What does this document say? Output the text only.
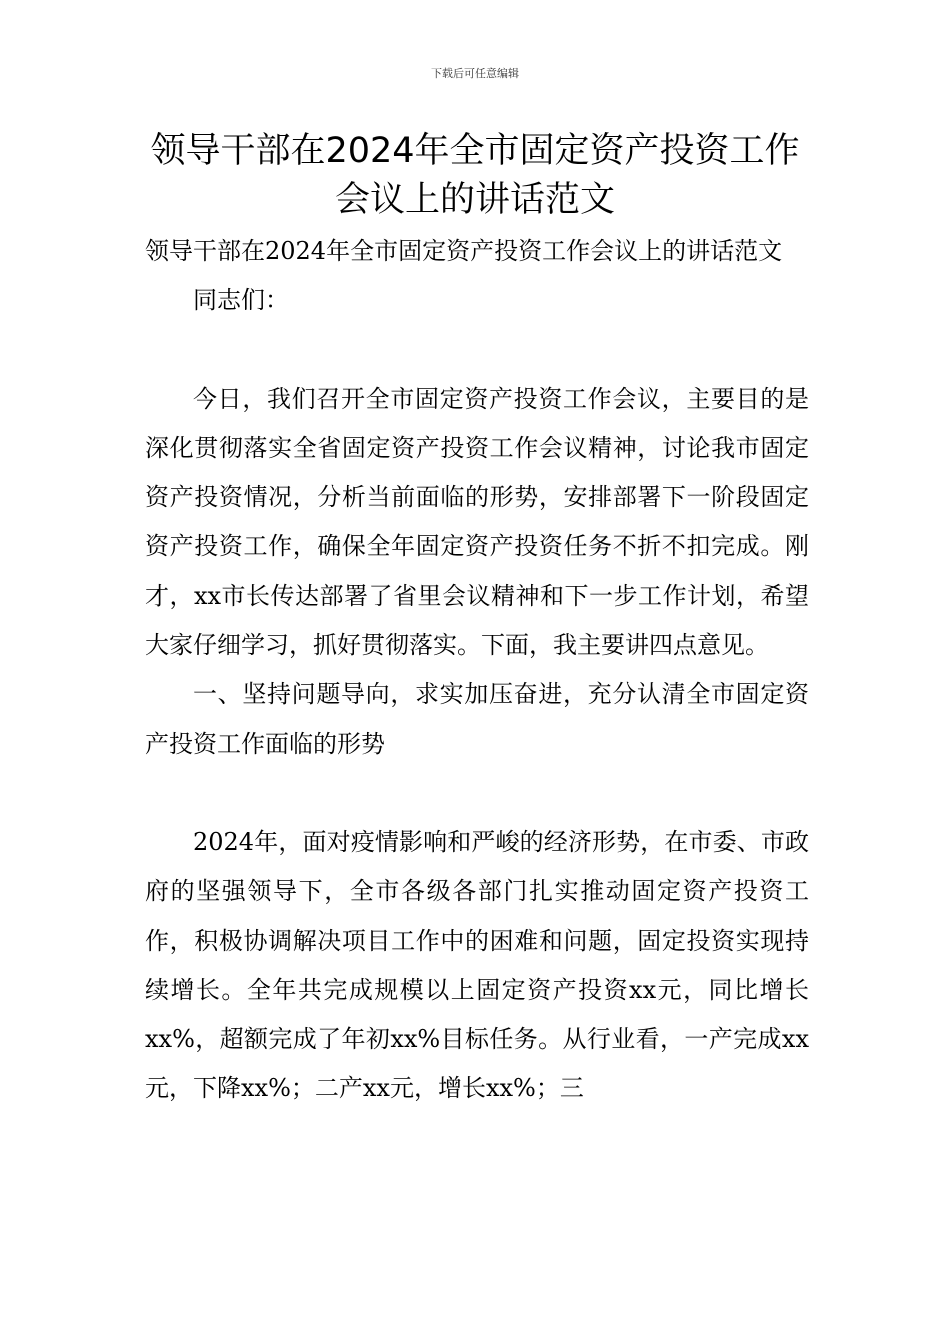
下载后可任意编辑
领导干部在2024年全市固定资产投资工作会议上的讲话范文

领导干部在2024年全市固定资产投资工作会议上的讲话范文

同志们：

今日，我们召开全市固定资产投资工作会议，主要目的是深化贯彻落实全省固定资产投资工作会议精神，讨论我市固定资产投资情况，分析当前面临的形势，安排部署下一阶段固定资产投资工作，确保全年固定资产投资任务不折不扣完成。刚才，xx市长传达部署了省里会议精神和下一步工作计划，希望大家仔细学习，抓好贯彻落实。下面，我主要讲四点意见。

一、坚持问题导向，求实加压奋进，充分认清全市固定资产投资工作面临的形势

2024年，面对疫情影响和严峻的经济形势，在市委、市政府的坚强领导下，全市各级各部门扎实推动固定资产投资工作，积极协调解决项目工作中的困难和问题，固定投资实现持续增长。全年共完成规模以上固定资产投资xx元，同比增长xx%，超额完成了年初xx%目标任务。从行业看，一产完成xx元，下降xx%；二产xx元，增长xx%；三
